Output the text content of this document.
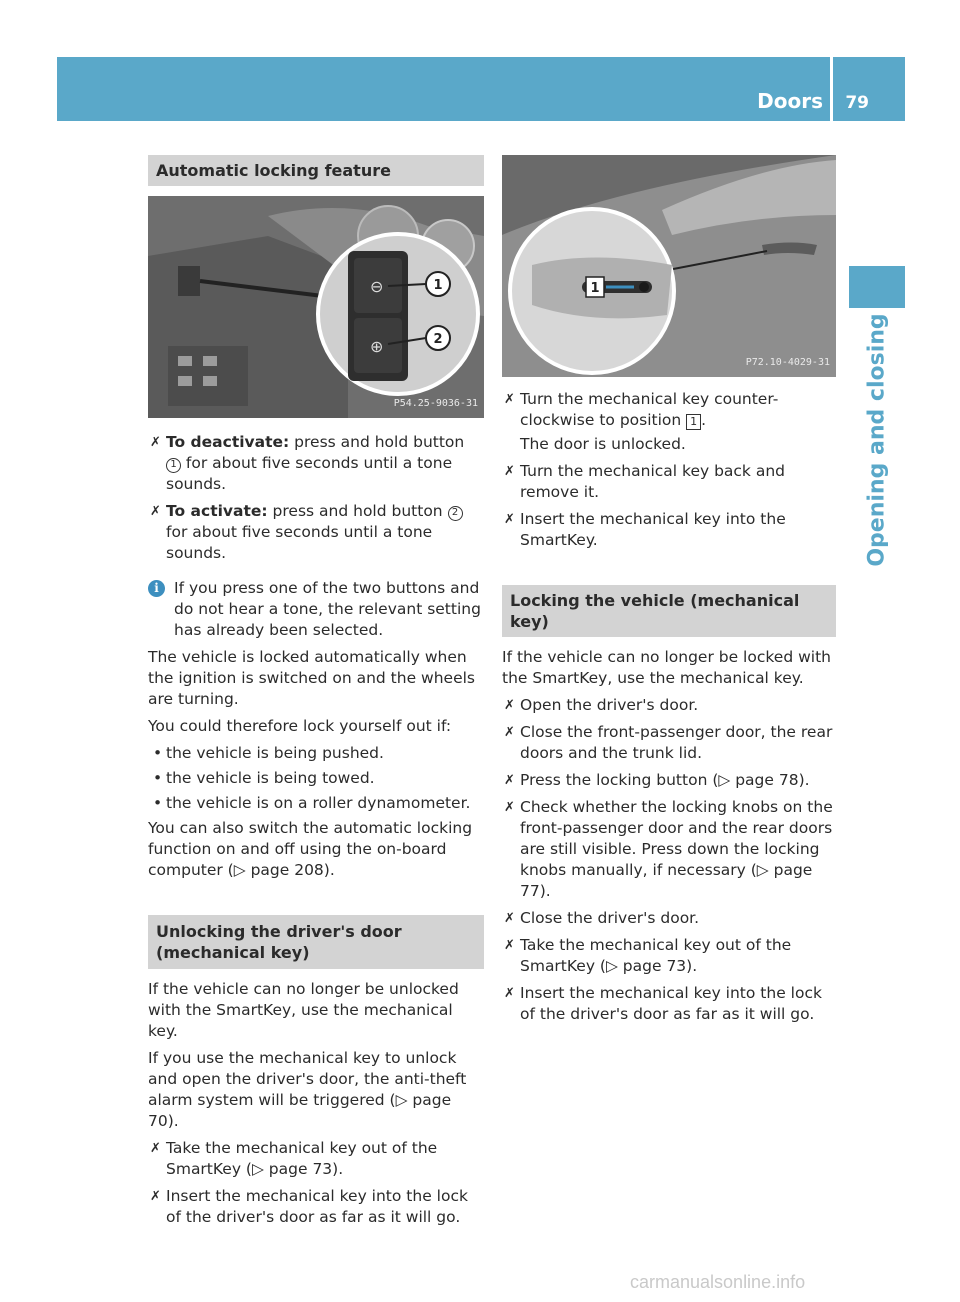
Doors 79
Opening and closing
Automatic locking feature
⊖
⊕
1
2
P54.25-9036-31
✗ To deactivate: press and hold button 1 for about five seconds until a tone sounds.
✗ To activate: press and hold button 2 for about five seconds until a tone sounds.
i If you press one of the two buttons and do not hear a tone, the relevant setting has already been selected.

The vehicle is locked automatically when the ignition is switched on and the wheels are turning.

You could therefore lock yourself out if:

• the vehicle is being pushed.
• the vehicle is being towed.
• the vehicle is on a roller dynamometer.

You can also switch the automatic locking function on and off using the on-board computer (▷ page 208).

Unlocking the driver's door
(mechanical key)

If the vehicle can no longer be unlocked with the SmartKey, use the mechanical key.

If you use the mechanical key to unlock and open the driver's door, the anti-theft alarm system will be triggered (▷ page 70).

✗ Take the mechanical key out of the SmartKey (▷ page 73).
✗ Insert the mechanical key into the lock of the driver's door as far as it will go.
1
P72.10-4029-31
✗ Turn the mechanical key counter-clockwise to position 1 .
The door is unlocked.
✗ Turn the mechanical key back and remove it.
✗ Insert the mechanical key into the SmartKey.
Locking the vehicle (mechanical key)

If the vehicle can no longer be locked with the SmartKey, use the mechanical key.

✗ Open the driver's door.
✗ Close the front-passenger door, the rear doors and the trunk lid.
✗ Press the locking button (▷ page 78).
✗ Check whether the locking knobs on the front-passenger door and the rear doors are still visible. Press down the locking knobs manually, if necessary (▷ page 77).
✗ Close the driver's door.
✗ Take the mechanical key out of the SmartKey (▷ page 73).
✗ Insert the mechanical key into the lock of the driver's door as far as it will go.
carmanualsonline.info
